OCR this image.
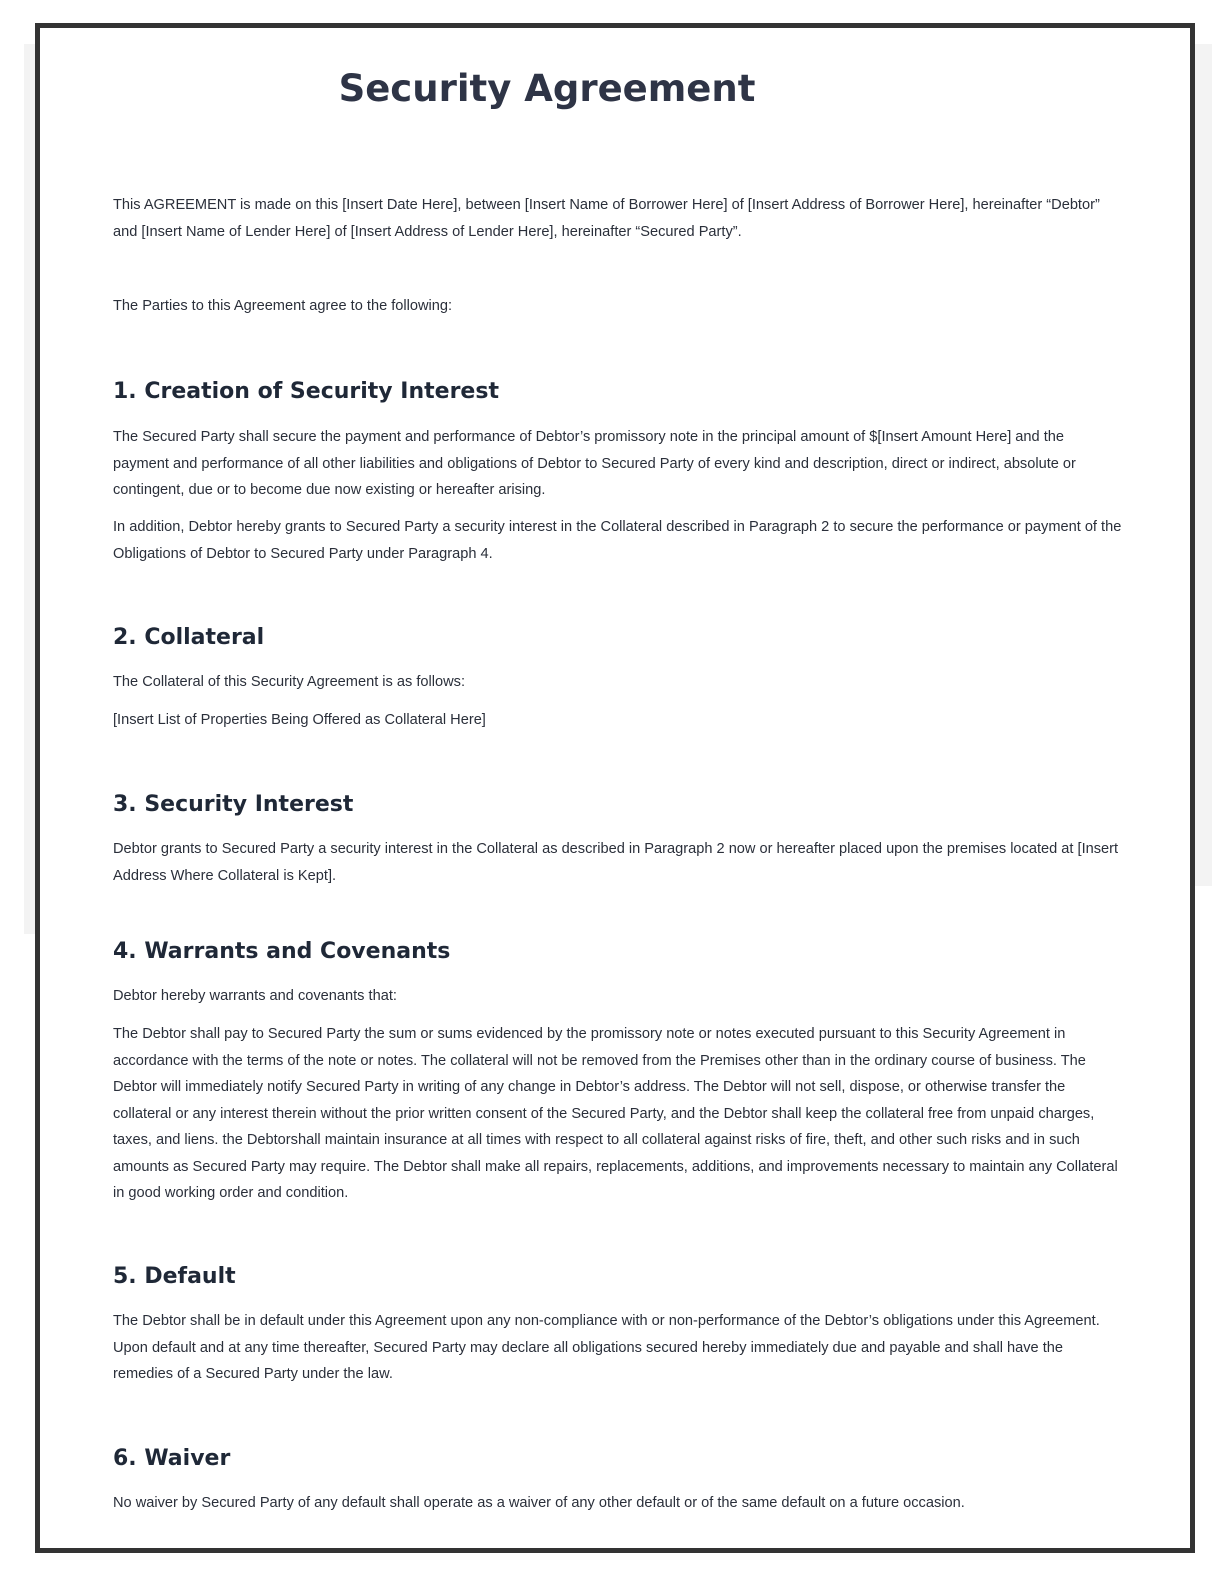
Security Agreement

This AGREEMENT is made on this [Insert Date Here], between [Insert Name of Borrower Here] of [Insert Address of Borrower Here], hereinafter “Debtor” and [Insert Name of Lender Here] of [Insert Address of Lender Here], hereinafter “Secured Party”.

The Parties to this Agreement agree to the following:

1. Creation of Security Interest

The Secured Party shall secure the payment and performance of Debtor’s promissory note in the principal amount of $[Insert Amount Here] and the payment and performance of all other liabilities and obligations of Debtor to Secured Party of every kind and description, direct or indirect, absolute or contingent, due or to become due now existing or hereafter arising.

In addition, Debtor hereby grants to Secured Party a security interest in the Collateral described in Paragraph 2 to secure the performance or payment of the Obligations of Debtor to Secured Party under Paragraph 4.

2. Collateral

The Collateral of this Security Agreement is as follows:

[Insert List of Properties Being Offered as Collateral Here]

3. Security Interest

Debtor grants to Secured Party a security interest in the Collateral as described in Paragraph 2 now or hereafter placed upon the premises located at [Insert Address Where Collateral is Kept].

4. Warrants and Covenants

Debtor hereby warrants and covenants that:

The Debtor shall pay to Secured Party the sum or sums evidenced by the promissory note or notes executed pursuant to this Security Agreement in accordance with the terms of the note or notes. The collateral will not be removed from the Premises other than in the ordinary course of business. The Debtor will immediately notify Secured Party in writing of any change in Debtor’s address. The Debtor will not sell, dispose, or otherwise transfer the collateral or any interest therein without the prior written consent of the Secured Party, and the Debtor shall keep the collateral free from unpaid charges, taxes, and liens. the Debtorshall maintain insurance at all times with respect to all collateral against risks of fire, theft, and other such risks and in such amounts as Secured Party may require. The Debtor shall make all repairs, replacements, additions, and improvements necessary to maintain any Collateral in good working order and condition.

5. Default

The Debtor shall be in default under this Agreement upon any non-compliance with or non-performance of the Debtor’s obligations under this Agreement. Upon default and at any time thereafter, Secured Party may declare all obligations secured hereby immediately due and payable and shall have the remedies of a Secured Party under the law.

6. Waiver

No waiver by Secured Party of any default shall operate as a waiver of any other default or of the same default on a future occasion.
